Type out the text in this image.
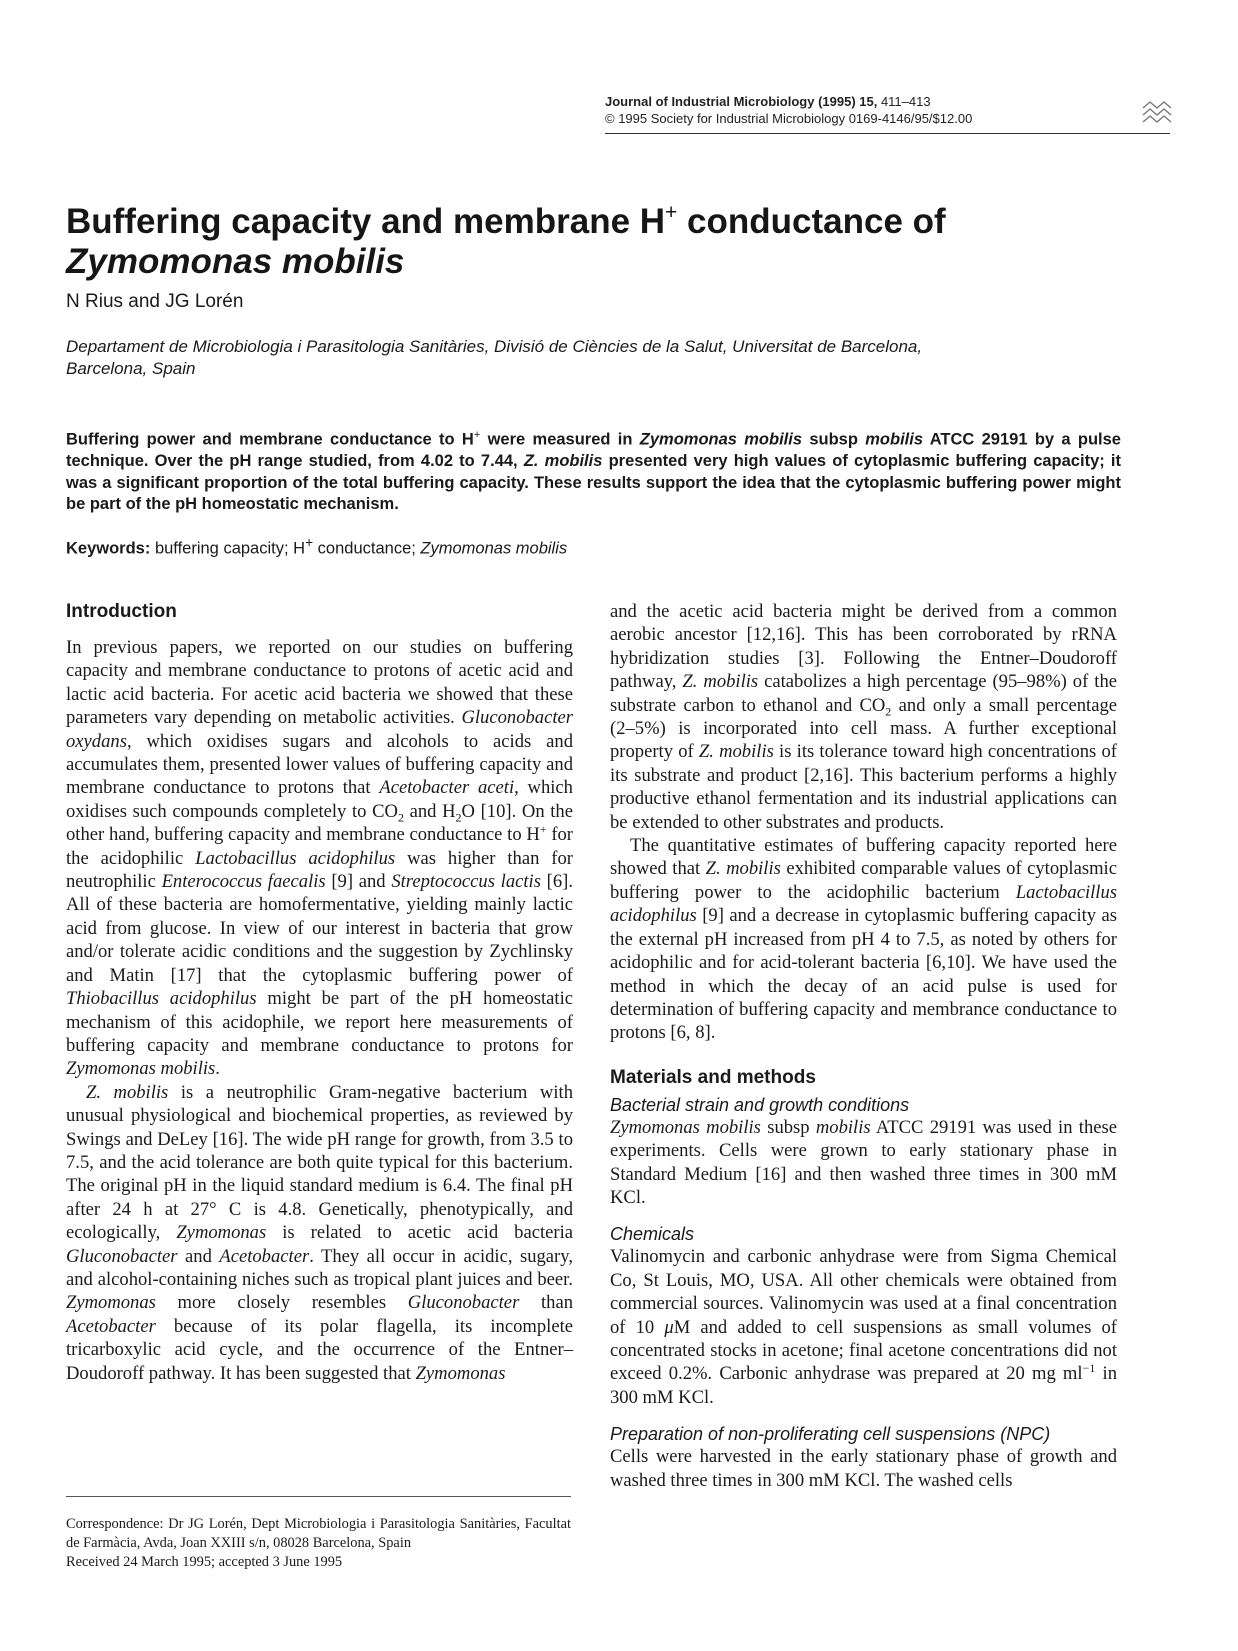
Journal of Industrial Microbiology (1995) 15, 411–413
© 1995 Society for Industrial Microbiology 0169-4146/95/$12.00
Buffering capacity and membrane H+ conductance of
Zymomonas mobilis
N Rius and JG Lorén
Departament de Microbiologia i Parasitologia Sanitàries, Divisió de Ciències de la Salut, Universitat de Barcelona,
Barcelona, Spain

Buffering power and membrane conductance to H+ were measured in Zymomonas mobilis subsp mobilis ATCC 29191 by a pulse technique. Over the pH range studied, from 4.02 to 7.44, Z. mobilis presented very high values of cytoplasmic buffering capacity; it was a significant proportion of the total buffering capacity. These results support the idea that the cytoplasmic buffering power might be part of the pH homeostatic mechanism.

Keywords: buffering capacity; H+ conductance; Zymomonas mobilis
Introduction

In previous papers, we reported on our studies on buffering capacity and membrane conductance to protons of acetic acid and lactic acid bacteria. For acetic acid bacteria we showed that these parameters vary depending on metabolic activities. Gluconobacter oxydans, which oxidises sugars and alcohols to acids and accumulates them, presented lower values of buffering capacity and membrane conductance to protons that Acetobacter aceti, which oxidises such compounds completely to $CO_2$ and $H_2O$ [10]. On the other hand, buffering capacity and membrane conductance to H+ for the acidophilic Lactobacillus acidophilus was higher than for neutrophilic Enterococcus faecalis [9] and Streptococcus lactis [6]. All of these bacteria are homofermentative, yielding mainly lactic acid from glucose. In view of our interest in bacteria that grow and/or tolerate acidic conditions and the suggestion by Zychlinsky and Matin [17] that the cytoplasmic buffering power of Thiobacillus acidophilus might be part of the pH homeostatic mechanism of this acidophile, we report here measurements of buffering capacity and membrane conductance to protons for Zymomonas mobilis.

Z. mobilis is a neutrophilic Gram-negative bacterium with unusual physiological and biochemical properties, as reviewed by Swings and DeLey [16]. The wide pH range for growth, from 3.5 to 7.5, and the acid tolerance are both quite typical for this bacterium. The original pH in the liquid standard medium is 6.4. The final pH after 24 h at 27° C is 4.8. Genetically, phenotypically, and ecologically, Zymomonas is related to acetic acid bacteria Gluconobacter and Acetobacter. They all occur in acidic, sugary, and alcohol-containing niches such as tropical plant juices and beer. Zymomonas more closely resembles Gluconobacter than Acetobacter because of its polar flagella, its incomplete tricarboxylic acid cycle, and the occurrence of the Entner–Doudoroff pathway. It has been suggested that Zymomonas

and the acetic acid bacteria might be derived from a common aerobic ancestor [12,16]. This has been corroborated by rRNA hybridization studies [3]. Following the Entner–Doudoroff pathway, Z. mobilis catabolizes a high percentage (95–98%) of the substrate carbon to ethanol and $CO_2$ and only a small percentage (2–5%) is incorporated into cell mass. A further exceptional property of Z. mobilis is its tolerance toward high concentrations of its substrate and product [2,16]. This bacterium performs a highly productive ethanol fermentation and its industrial applications can be extended to other substrates and products.

The quantitative estimates of buffering capacity reported here showed that Z. mobilis exhibited comparable values of cytoplasmic buffering power to the acidophilic bacterium Lactobacillus acidophilus [9] and a decrease in cytoplasmic buffering capacity as the external pH increased from pH 4 to 7.5, as noted by others for acidophilic and for acid-tolerant bacteria [6,10]. We have used the method in which the decay of an acid pulse is used for determination of buffering capacity and membrance conductance to protons [6, 8].

Materials and methods
Bacterial strain and growth conditions

Zymomonas mobilis subsp mobilis ATCC 29191 was used in these experiments. Cells were grown to early stationary phase in Standard Medium [16] and then washed three times in 300 mM KCl.

Chemicals

Valinomycin and carbonic anhydrase were from Sigma Chemical Co, St Louis, MO, USA. All other chemicals were obtained from commercial sources. Valinomycin was used at a final concentration of 10 μM and added to cell suspensions as small volumes of concentrated stocks in acetone; final acetone concentrations did not exceed 0.2%. Carbonic anhydrase was prepared at 20 mg $ml^{-1}$ in 300 mM KCl.

Preparation of non-proliferating cell suspensions (NPC)

Cells were harvested in the early stationary phase of growth and washed three times in 300 mM KCl. The washed cells

Correspondence: Dr JG Lorén, Dept Microbiologia i Parasitologia Sanitàries, Facultat de Farmàcia, Avda, Joan XXIII s/n, 08028 Barcelona, Spain
Received 24 March 1995; accepted 3 June 1995
